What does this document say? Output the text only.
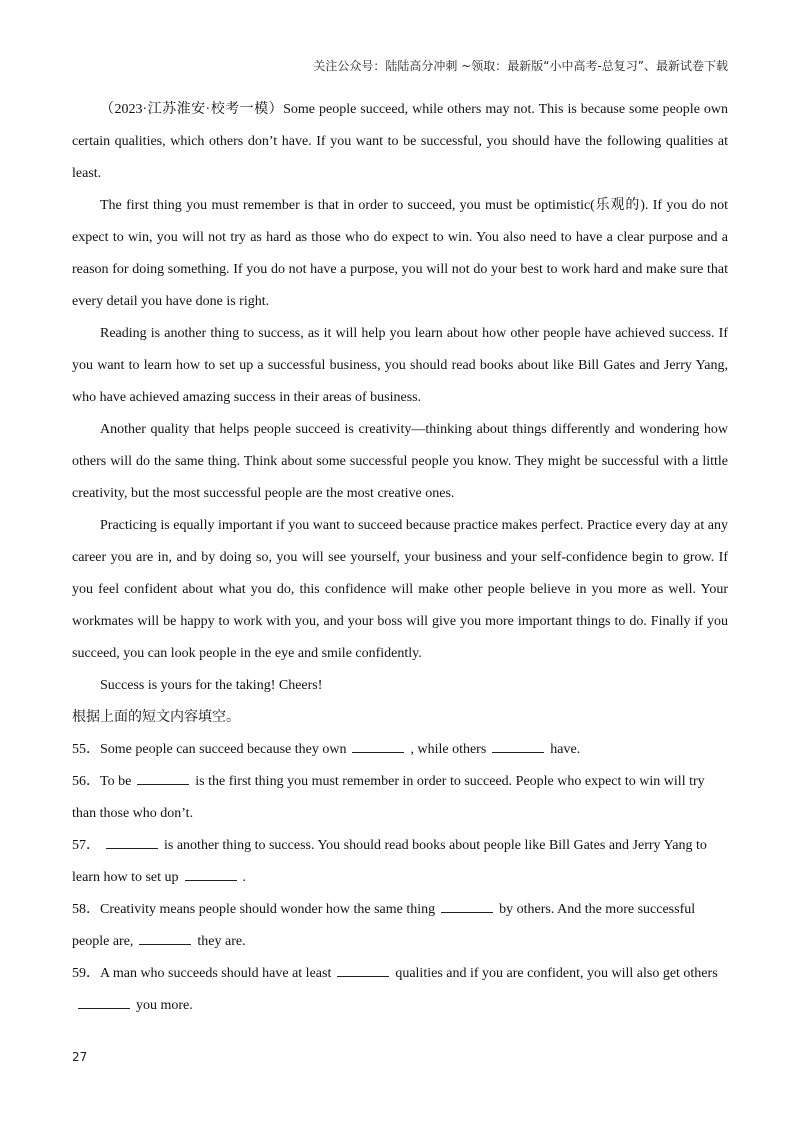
关注公众号：陆陆高分冲刺 ~领取：最新版“小中高考-总复习”、最新试卷下载

（2023·江苏淮安·校考一模）Some people succeed, while others may not. This is because some people own certain qualities, which others don’t have. If you want to be successful, you should have the following qualities at least.

The first thing you must remember is that in order to succeed, you must be optimistic(乐观的). If you do not expect to win, you will not try as hard as those who do expect to win. You also need to have a clear purpose and a reason for doing something. If you do not have a purpose, you will not do your best to work hard and make sure that every detail you have done is right.

Reading is another thing to success, as it will help you learn about how other people have achieved success. If you want to learn how to set up a successful business, you should read books about like Bill Gates and Jerry Yang, who have achieved amazing success in their areas of business.

Another quality that helps people succeed is creativity—thinking about things differently and wondering how others will do the same thing. Think about some successful people you know. They might be successful with a little creativity, but the most successful people are the most creative ones.

Practicing is equally important if you want to succeed because practice makes perfect. Practice every day at any career you are in, and by doing so, you will see yourself, your business and your self-confidence begin to grow. If you feel confident about what you do, this confidence will make other people believe in you more as well. Your workmates will be happy to work with you, and your boss will give you more important things to do. Finally if you succeed, you can look people in the eye and smile confidently.

Success is yours for the taking! Cheers!

根据上面的短文内容填空。

55．Some people can succeed because they own	, while others	have.

56．To be	is the first thing you must remember in order to succeed. People who expect to win will try than those who don’t.

57．	is another thing to success. You should read books about people like Bill Gates and Jerry Yang to learn how to set up	.

58．Creativity means people should wonder how the same thing	by others. And the more successful people are,	they are.

59．A man who succeeds should have at least	qualities and if you are confident, you will also get othersyou more.

27
